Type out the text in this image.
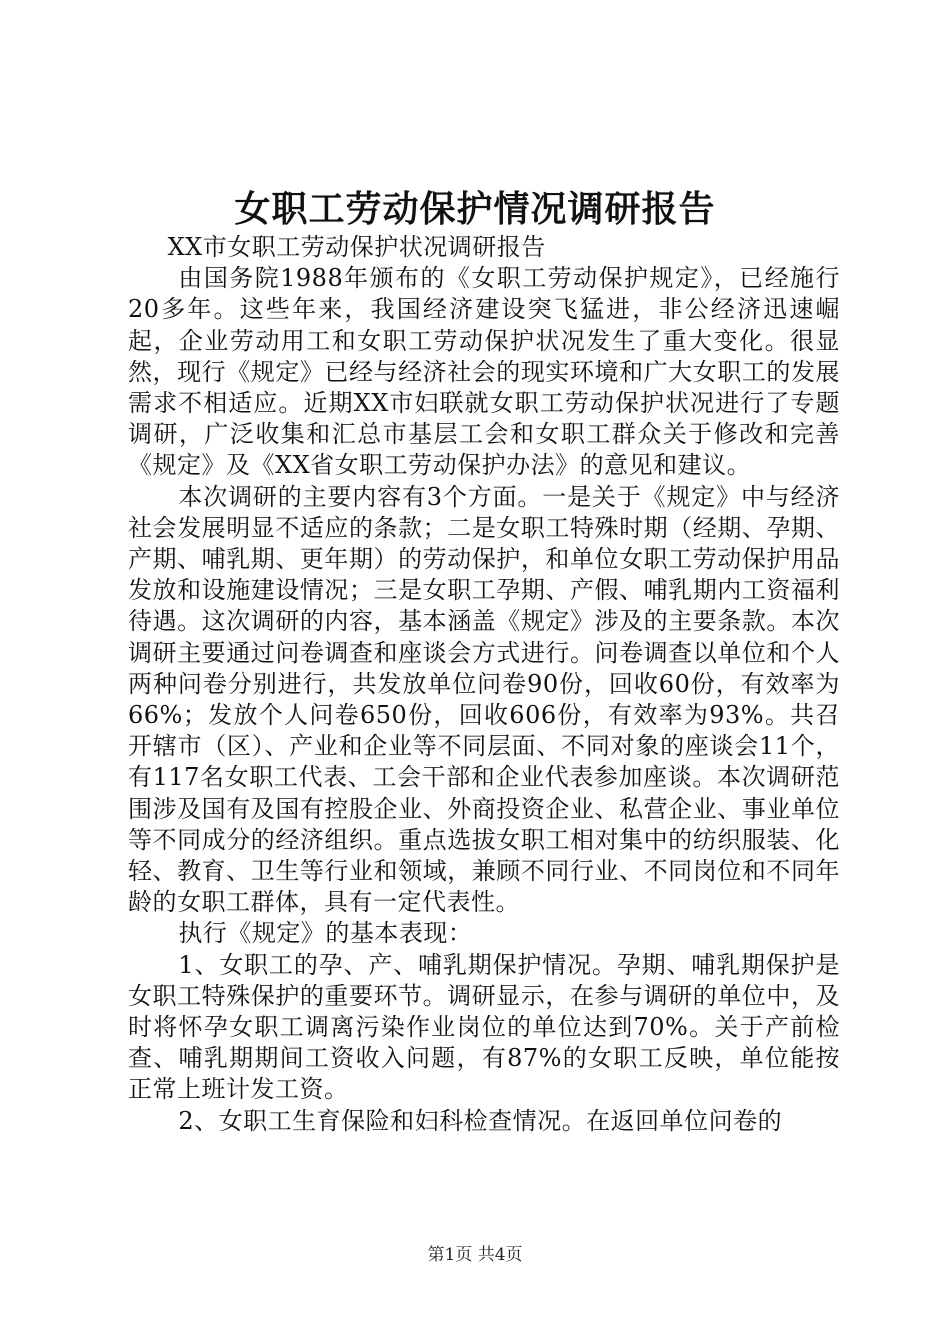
女职工劳动保护情况调研报告

XX市女职工劳动保护状况调研报告

由国务院1988年颁布的《女职工劳动保护规定》，已经施行20多年。这些年来，我国经济建设突飞猛进，非公经济迅速崛起，企业劳动用工和女职工劳动保护状况发生了重大变化。很显然，现行《规定》已经与经济社会的现实环境和广大女职工的发展需求不相适应。近期XX市妇联就女职工劳动保护状况进行了专题调研，广泛收集和汇总市基层工会和女职工群众关于修改和完善《规定》及《XX省女职工劳动保护办法》的意见和建议。

本次调研的主要内容有3个方面。一是关于《规定》中与经济社会发展明显不适应的条款；二是女职工特殊时期（经期、孕期、产期、哺乳期、更年期）的劳动保护，和单位女职工劳动保护用品发放和设施建设情况；三是女职工孕期、产假、哺乳期内工资福利待遇。这次调研的内容，基本涵盖《规定》涉及的主要条款。本次调研主要通过问卷调查和座谈会方式进行。问卷调查以单位和个人两种问卷分别进行，共发放单位问卷90份，回收60份，有效率为66%；发放个人问卷650份，回收606份，有效率为93%。共召开辖市（区）、产业和企业等不同层面、不同对象的座谈会11个，有117名女职工代表、工会干部和企业代表参加座谈。本次调研范围涉及国有及国有控股企业、外商投资企业、私营企业、事业单位等不同成分的经济组织。重点选拔女职工相对集中的纺织服装、化轻、教育、卫生等行业和领域，兼顾不同行业、不同岗位和不同年龄的女职工群体，具有一定代表性。

执行《规定》的基本表现：

1、女职工的孕、产、哺乳期保护情况。孕期、哺乳期保护是女职工特殊保护的重要环节。调研显示，在参与调研的单位中，及时将怀孕女职工调离污染作业岗位的单位达到70%。关于产前检查、哺乳期期间工资收入问题，有87%的女职工反映，单位能按正常上班计发工资。

2、女职工生育保险和妇科检查情况。在返回单位问卷的

第1页 共4页
